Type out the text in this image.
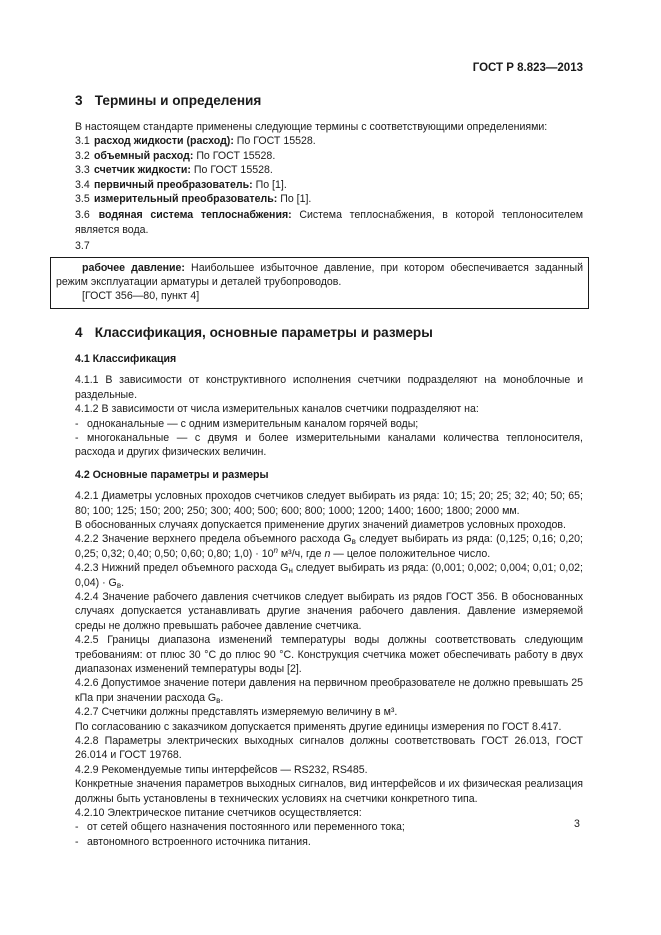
ГОСТ Р 8.823—2013
3 Термины и определения

В настоящем стандарте применены следующие термины с соответствующими определениями:

3.1 расход жидкости (расход): По ГОСТ 15528.

3.2 объемный расход: По ГОСТ 15528.

3.3 счетчик жидкости: По ГОСТ 15528.

3.4 первичный преобразователь: По [1].

3.5 измерительный преобразователь: По [1].

3.6 водяная система теплоснабжения: Система теплоснабжения, в которой теплоносителем является вода.

3.7

рабочее давление: Наибольшее избыточное давление, при котором обеспечивается заданный режим эксплуатации арматуры и деталей трубопроводов.

[ГОСТ 356—80, пункт 4]

4 Классификация, основные параметры и размеры
4.1 Классификация

4.1.1 В зависимости от конструктивного исполнения счетчики подразделяют на моноблочные и раздельные.

4.1.2 В зависимости от числа измерительных каналов счетчики подразделяют на:

- одноканальные — с одним измерительным каналом горячей воды;

- многоканальные — с двумя и более измерительными каналами количества теплоносителя, расхода и других физических величин.

4.2 Основные параметры и размеры

4.2.1 Диаметры условных проходов счетчиков следует выбирать из ряда: 10; 15; 20; 25; 32; 40; 50; 65; 80; 100; 125; 150; 200; 250; 300; 400; 500; 600; 800; 1000; 1200; 1400; 1600; 1800; 2000 мм.

В обоснованных случаях допускается применение других значений диаметров условных проходов.

4.2.2 Значение верхнего предела объемного расхода $G_в$ следует выбирать из ряда: (0,125; 0,16; 0,20; 0,25; 0,32; 0,40; 0,50; 0,60; 0,80; $1,0) \cdot 10^n$ м³/ч, где n — целое положительное число.

4.2.3 Нижний предел объемного расхода $G_н$ следует выбирать из ряда: (0,001; 0,002; 0,004; 0,01; 0,02; $0,04) \cdot G_в$.

4.2.4 Значение рабочего давления счетчиков следует выбирать из рядов ГОСТ 356. В обоснованных случаях допускается устанавливать другие значения рабочего давления. Давление измеряемой среды не должно превышать рабочее давление счетчика.

4.2.5 Границы диапазона изменений температуры воды должны соответствовать следующим требованиям: от плюс 30 °С до плюс 90 °С. Конструкция счетчика может обеспечивать работу в двух диапазонах изменений температуры воды [2].

4.2.6 Допустимое значение потери давления на первичном преобразователе не должно превышать 25 кПа при значении расхода $G_в$.

4.2.7 Счетчики должны представлять измеряемую величину в м³.

По согласованию с заказчиком допускается применять другие единицы измерения по ГОСТ 8.417.

4.2.8 Параметры электрических выходных сигналов должны соответствовать ГОСТ 26.013, ГОСТ 26.014 и ГОСТ 19768.

4.2.9 Рекомендуемые типы интерфейсов — RS232, RS485.

Конкретные значения параметров выходных сигналов, вид интерфейсов и их физическая реализация должны быть установлены в технических условиях на счетчики конкретного типа.

4.2.10 Электрическое питание счетчиков осуществляется:

- от сетей общего назначения постоянного или переменного тока;

- автономного встроенного источника питания.

3
